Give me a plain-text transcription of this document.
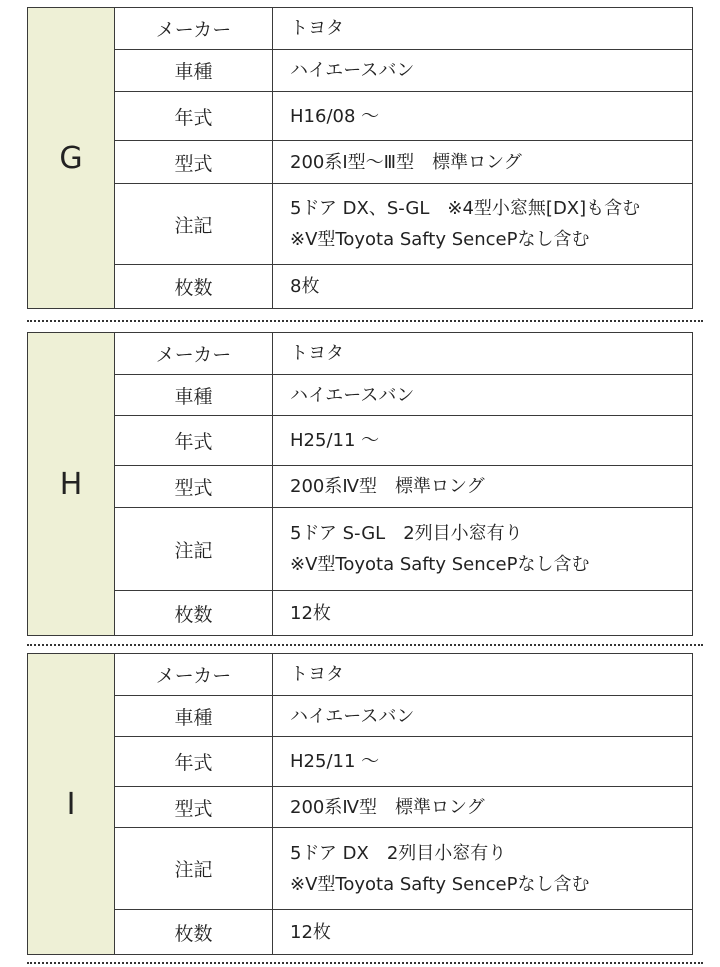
G	メーカー	トヨタ
	車種	ハイエースバン
	年式	H16/08 ～
	型式	200系Ⅰ型～Ⅲ型　標準ロング
	注記	5ドア DX、S-GL　※4型小窓無[DX]も含む
※Ⅴ型Toyota Safty SencePなし含む

	枚数	8枚
H	メーカー	トヨタ
	車種	ハイエースバン
	年式	H25/11 ～
	型式	200系Ⅳ型　標準ロング
	注記	5ドア S-GL　2列目小窓有り
※Ⅴ型Toyota Safty SencePなし含む

	枚数	12枚
I	メーカー	トヨタ
	車種	ハイエースバン
	年式	H25/11 ～
	型式	200系Ⅳ型　標準ロング
	注記	5ドア DX　2列目小窓有り
※Ⅴ型Toyota Safty SencePなし含む

	枚数	12枚
